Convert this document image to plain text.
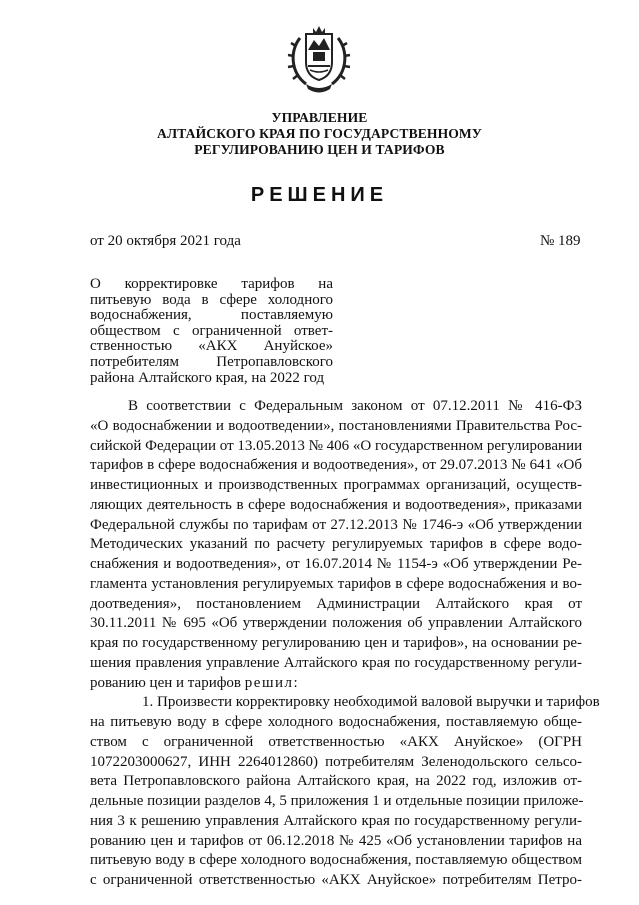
УПРАВЛЕНИЕ
АЛТАЙСКОГО КРАЯ ПО ГОСУДАРСТВЕННОМУ
РЕГУЛИРОВАНИЮ ЦЕН И ТАРИФОВ
РЕШЕНИЕ
от 20 октября 2021 года	№ 189
О корректировке тарифов на
питьевую вода в сфере холодного
водоснабжения, поставляемую
обществом с ограниченной ответ-
ственностью «АКХ Ануйское»
потребителям Петропавловского
района Алтайского края, на 2022 год
В соответствии с Федеральным законом от 07.12.2011 № 416-ФЗ
«О водоснабжении и водоотведении», постановлениями Правительства Рос-
сийской Федерации от 13.05.2013 № 406 «О государственном регулировании
тарифов в сфере водоснабжения и водоотведения», от 29.07.2013 № 641 «Об
инвестиционных и производственных программах организаций, осуществ-
ляющих деятельность в сфере водоснабжения и водоотведения», приказами
Федеральной службы по тарифам от 27.12.2013 № 1746-э «Об утверждении
Методических указаний по расчету регулируемых тарифов в сфере водо-
снабжения и водоотведения», от 16.07.2014 № 1154-э «Об утверждении Ре-
гламента установления регулируемых тарифов в сфере водоснабжения и во-
доотведения», постановлением Администрации Алтайского края от
30.11.2011 № 695 «Об утверждении положения об управлении Алтайского
края по государственному регулированию цен и тарифов», на основании ре-
шения правления управление Алтайского края по государственному регули-
рованию цен и тарифов решил:
1. Произвести корректировку необходимой валовой выручки и тарифов
на питьевую воду в сфере холодного водоснабжения, поставляемую обще-
ством с ограниченной ответственностью «АКХ Ануйское» (ОГРН
1072203000627, ИНН 2264012860) потребителям Зеленодольского сельсо-
вета Петропавловского района Алтайского края, на 2022 год, изложив от-
дельные позиции разделов 4, 5 приложения 1 и отдельные позиции приложе-
ния 3 к решению управления Алтайского края по государственному регули-
рованию цен и тарифов от 06.12.2018 № 425 «Об установлении тарифов на
питьевую воду в сфере холодного водоснабжения, поставляемую обществом
с ограниченной ответственностью «АКХ Ануйское» потребителям Петро-
